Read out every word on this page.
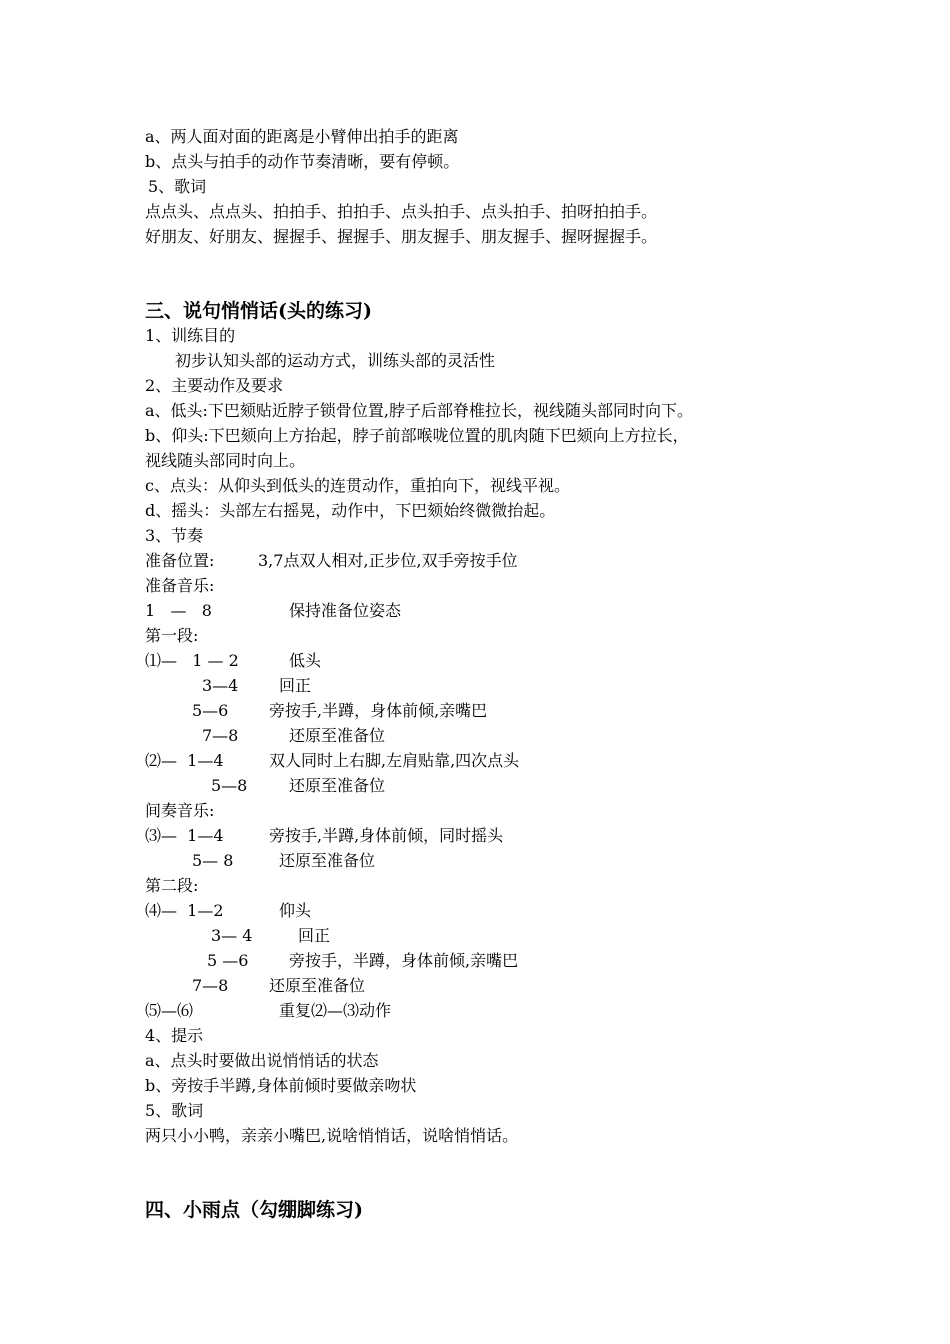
a、两人面对面的距离是小臂伸出拍手的距离
b、点头与拍手的动作节奏清晰，要有停顿。
5、歌词
点点头、点点头、拍拍手、拍拍手、点头拍手、点头拍手、拍呀拍拍手。
好朋友、好朋友、握握手、握握手、朋友握手、朋友握手、握呀握握手。
三、说句悄悄话(头的练习)
1、训练目的
初步认知头部的运动方式，训练头部的灵活性
2、主要动作及要求
a、低头:下巴颏贴近脖子锁骨位置,脖子后部脊椎拉长，视线随头部同时向下。
b、仰头:下巴颏向上方抬起，脖子前部喉咙位置的肌肉随下巴颏向上方拉长，
视线随头部同时向上。
c、点头：从仰头到低头的连贯动作，重拍向下，视线平视。
d、摇头：头部左右摇晃，动作中，下巴颏始终微微抬起。
3、节奏
准备位置:	3,7点双人相对,正步位,双手旁按手位
准备音乐:
1   —   8	保持准备位姿态
第一段:
⑴—   1 — 2	低头
3—4	回正
5—6	旁按手,半蹲，身体前倾,亲嘴巴
7—8	还原至准备位
⑵—  1—4	双人同时上右脚,左肩贴靠,四次点头
5—8	还原至准备位
间奏音乐:
⑶—  1—4	旁按手,半蹲,身体前倾，同时摇头
5— 8	还原至准备位
第二段:
⑷—  1—2	仰头
3— 4	回正
5 —6	旁按手，半蹲，身体前倾,亲嘴巴
7—8	还原至准备位
⑸—⑹	重复⑵—⑶动作
4、提示
a、点头时要做出说悄悄话的状态
b、旁按手半蹲,身体前倾时要做亲吻状
5、歌词
两只小小鸭，亲亲小嘴巴,说啥悄悄话，说啥悄悄话。
四、小雨点（勾绷脚练习)
